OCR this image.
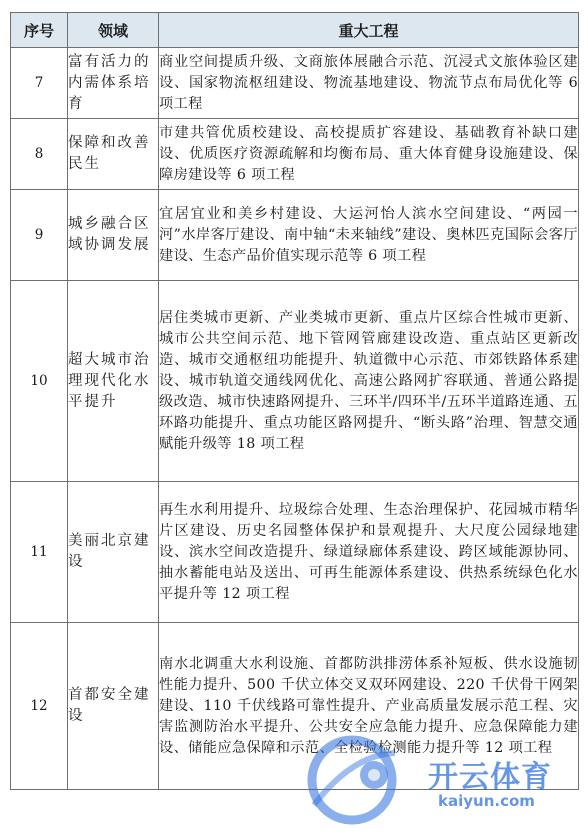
序号	领域	重大工程
7	富有活力的内需体系培育	商业空间提质升级、文商旅体展融合示范、沉浸式文旅体验区建设、国家物流枢纽建设、物流基地建设、物流节点布局优化等 6 项工程
8	保障和改善民生	市建共管优质校建设、高校提质扩容建设、基础教育补缺口建设、优质医疗资源疏解和均衡布局、重大体育健身设施建设、保障房建设等 6 项工程
9	城乡融合区域协调发展	宜居宜业和美乡村建设、大运河怡人滨水空间建设、“两园一河”水岸客厅建设、南中轴“未来轴线”建设、奥林匹克国际会客厅建设、生态产品价值实现示范等 6 项工程
10	超大城市治理现代化水平提升	居住类城市更新、产业类城市更新、重点片区综合性城市更新、城市公共空间示范、地下管网管廊建设改造、重点站区更新改造、城市交通枢纽功能提升、轨道微中心示范、市郊铁路体系建设、城市轨道交通线网优化、高速公路网扩容联通、普通公路提级改造、城市快速路网提升、三环半/四环半/五环半道路连通、五环路功能提升、重点功能区路网提升、“断头路”治理、智慧交通赋能升级等 18 项工程
11	美丽北京建设	再生水利用提升、垃圾综合处理、生态治理保护、花园城市精华片区建设、历史名园整体保护和景观提升、大尺度公园绿地建设、滨水空间改造提升、绿道绿廊体系建设、跨区域能源协同、抽水蓄能电站及送出、可再生能源体系建设、供热系统绿色化水平提升等 12 项工程
12	首都安全建设	南水北调重大水利设施、首都防洪排涝体系补短板、供水设施韧性能力提升、500 千伏立体交叉双环网建设、220 千伏骨干网架建设、110 千伏线路可靠性提升、产业高质量发展示范工程、灾害监测防治水平提升、公共安全应急能力提升、应急保障能力建设、储能应急保障和示范、全检验检测能力提升等 12 项工程
开云体育
kaiyun.com
